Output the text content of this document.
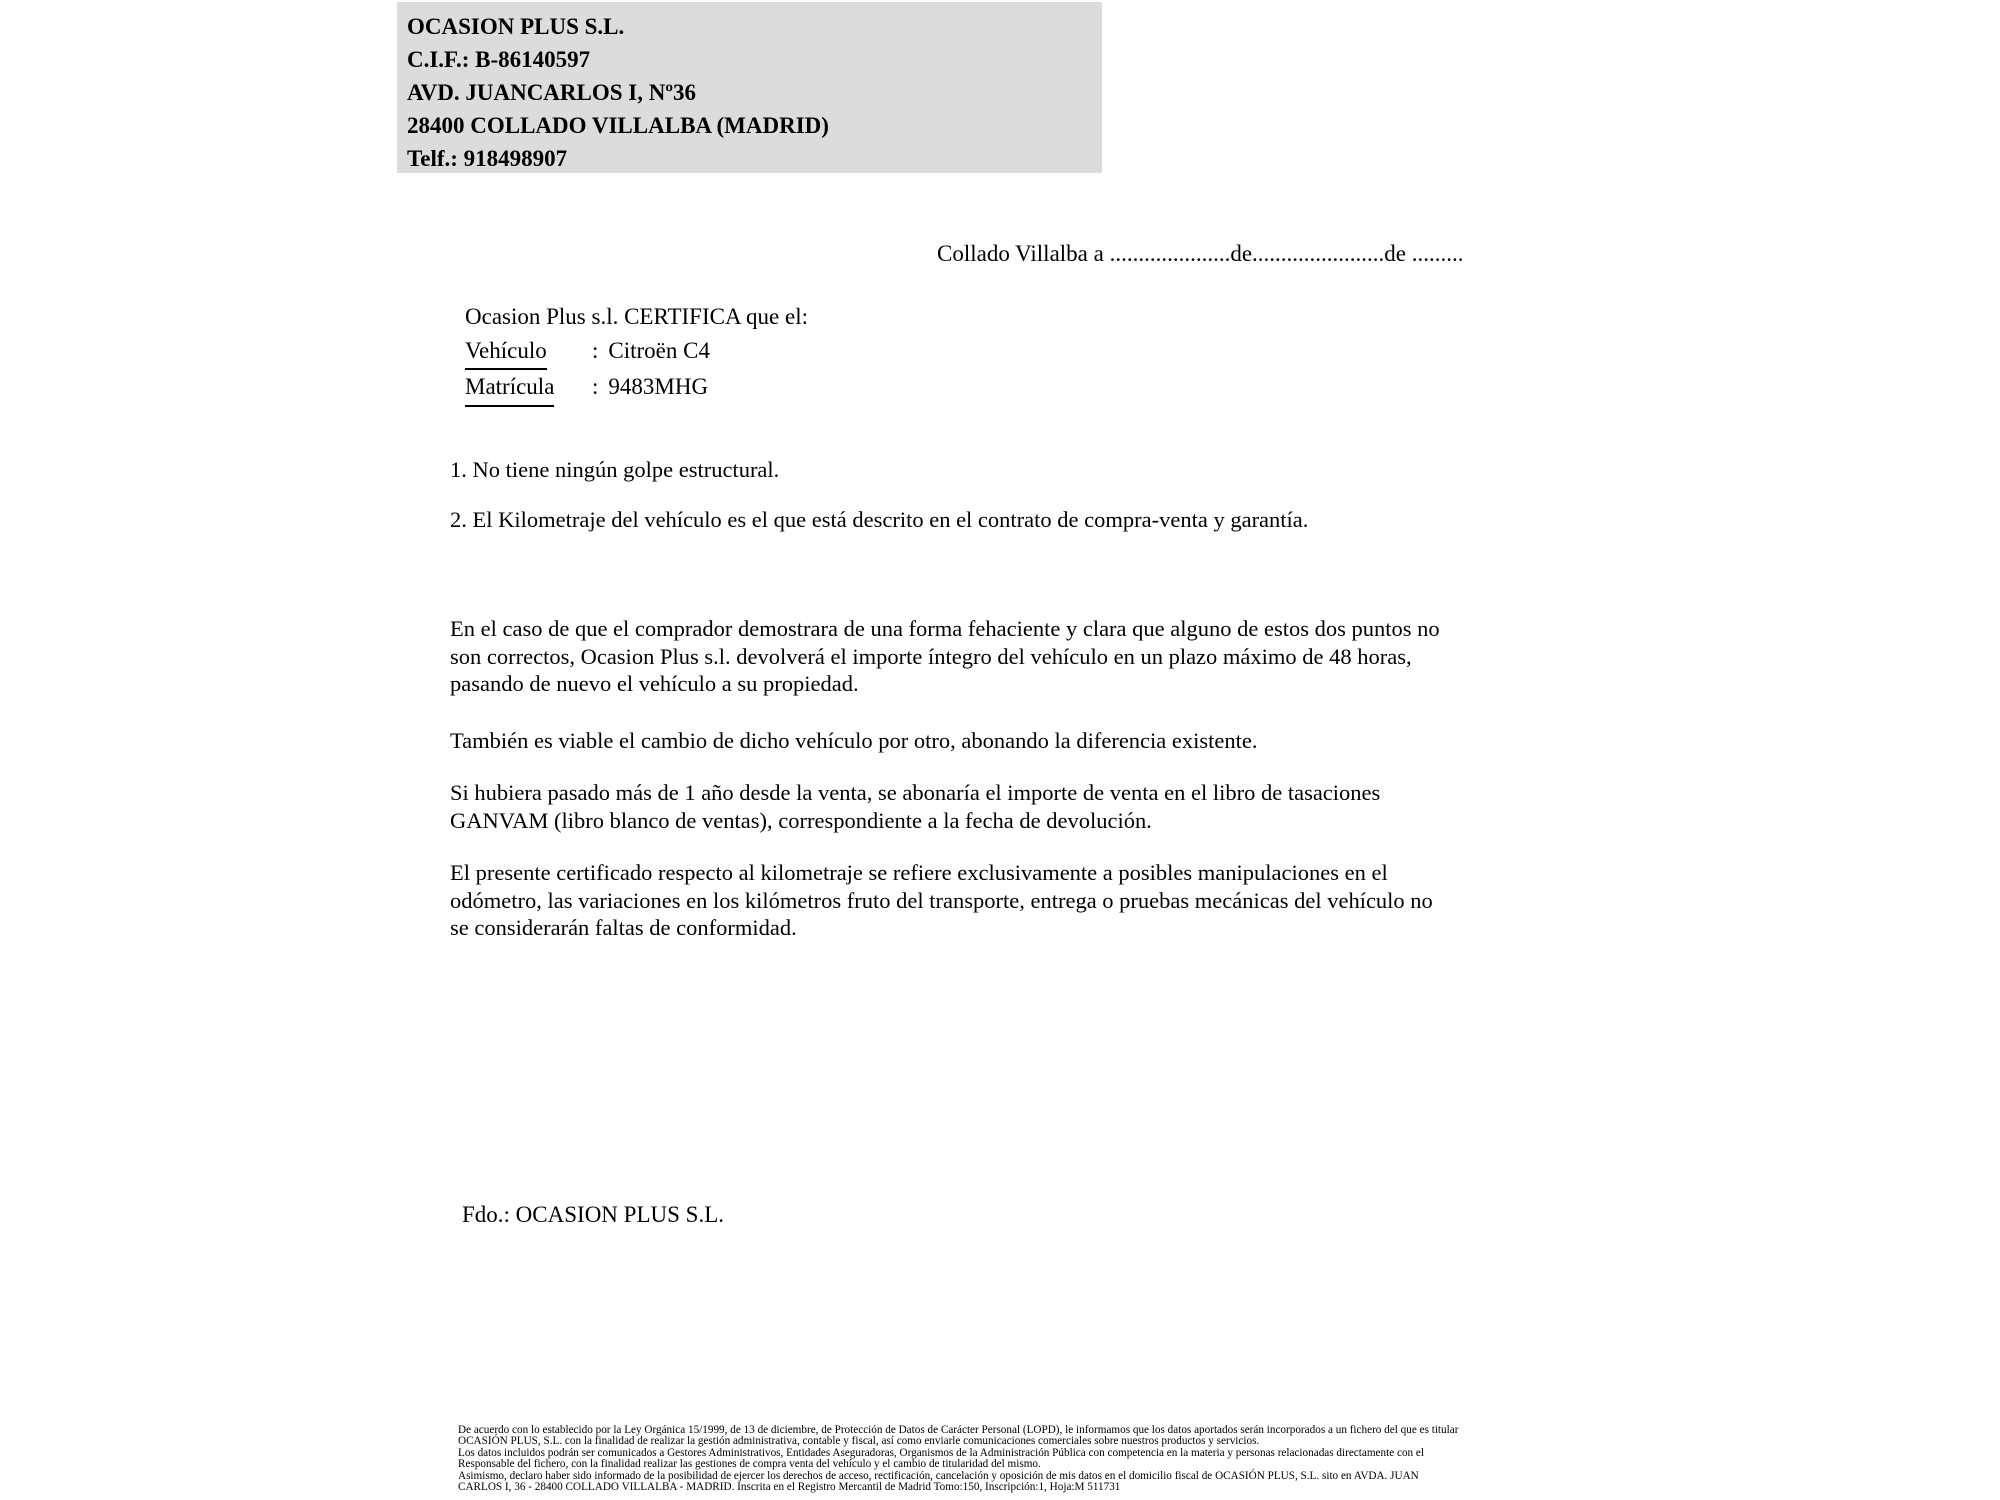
OCASION PLUS S.L.
C.I.F.: B-86140597
AVD. JUANCARLOS I, Nº36
28400 COLLADO VILLALBA (MADRID)
Telf.: 918498907
Collado Villalba a .....................de.......................de .........
Ocasion Plus s.l. CERTIFICA que el:
Vehículo : Citroën C4
Matrícula : 9483MHG
1. No tiene ningún golpe estructural.
2. El Kilometraje del vehículo es el que está descrito en el contrato de compra-venta y garantía.
En el caso de que el comprador demostrara de una forma fehaciente y clara que alguno de estos dos puntos no
son correctos, Ocasion Plus s.l. devolverá el importe íntegro del vehículo en un plazo máximo de 48 horas,
pasando de nuevo el vehículo a su propiedad.
También es viable el cambio de dicho vehículo por otro, abonando la diferencia existente.
Si hubiera pasado más de 1 año desde la venta, se abonaría el importe de venta en el libro de tasaciones
GANVAM (libro blanco de ventas), correspondiente a la fecha de devolución.
El presente certificado respecto al kilometraje se refiere exclusivamente a posibles manipulaciones en el
odómetro, las variaciones en los kilómetros fruto del transporte, entrega o pruebas mecánicas del vehículo no
se considerarán faltas de conformidad.
Fdo.: OCASION PLUS S.L.
De acuerdo con lo establecido por la Ley Orgánica 15/1999, de 13 de diciembre, de Protección de Datos de Carácter Personal (LOPD), le informamos que los datos aportados serán incorporados a un fichero del que es titular
OCASIÓN PLUS, S.L. con la finalidad de realizar la gestión administrativa, contable y fiscal, así como enviarle comunicaciones comerciales sobre nuestros productos y servicios.
Los datos incluidos podrán ser comunicados a Gestores Administrativos, Entidades Aseguradoras, Organismos de la Administración Pública con competencia en la materia y personas relacionadas directamente con el
Responsable del fichero, con la finalidad realizar las gestiones de compra venta del vehículo y el cambio de titularidad del mismo.
Asimismo, declaro haber sido informado de la posibilidad de ejercer los derechos de acceso, rectificación, cancelación y oposición de mis datos en el domicilio fiscal de OCASIÓN PLUS, S.L. sito en AVDA. JUAN
CARLOS I, 36 - 28400 COLLADO VILLALBA - MADRID. Inscrita en el Registro Mercantil de Madrid Tomo:150, Inscripción:1, Hoja:M 511731
